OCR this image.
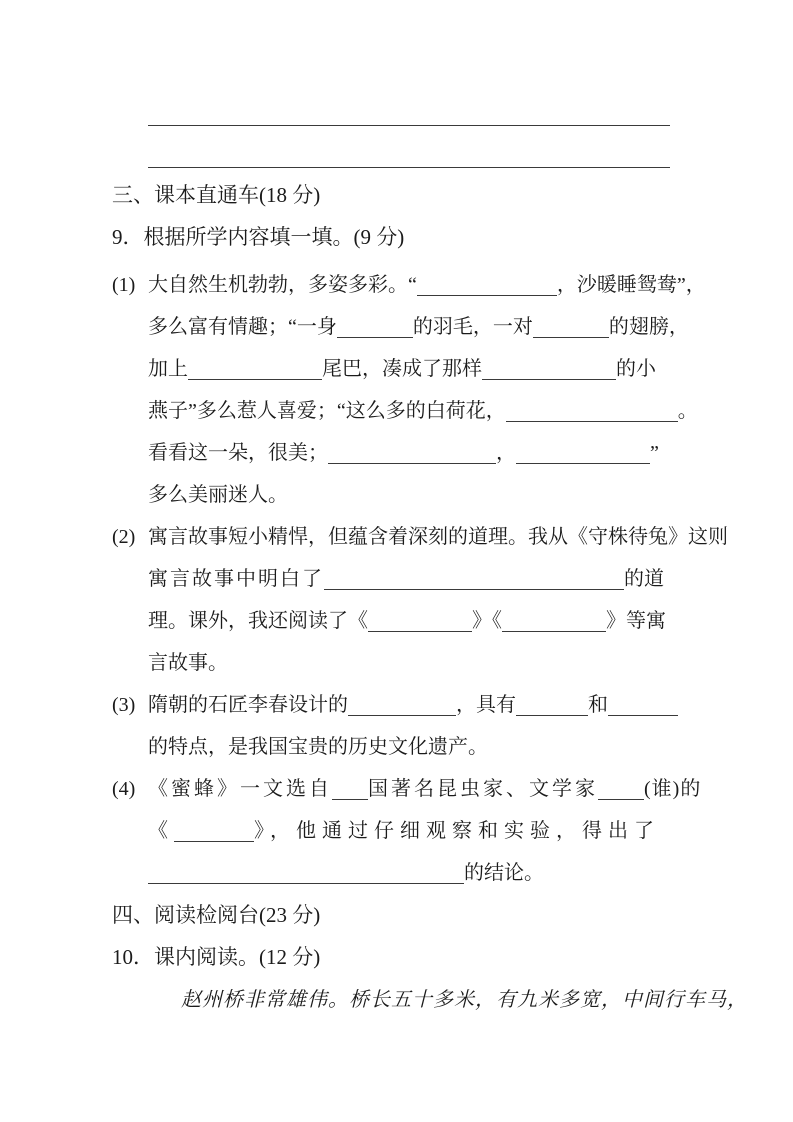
三、课本直通车(18 分)
9．根据所学内容填一填。(9 分)
(1) 大自然生机勃勃，多姿多彩。“	，沙暖睡鸳鸯”，
多么富有情趣；“一身	的羽毛，一对	的翅膀，
加上	尾巴，凑成了那样	的小
燕子”多么惹人喜爱；“这么多的白荷花，	。
看看这一朵，很美；	，	”
多么美丽迷人。
(2) 寓言故事短小精悍，但蕴含着深刻的道理。我从《守株待兔》这则
寓言故事中明白了	的道
理。课外，我还阅读了《	》《	》等寓
言故事。
(3) 隋朝的石匠李春设计的	，具有	和
的特点，是我国宝贵的历史文化遗产。
(4) 《蜜蜂》一文选自 国著名昆虫家、文学家 (谁)的
《	》，他通过仔细观察和实验，得出了
的结论。
四、阅读检阅台(23 分)
10．课内阅读。(12 分)
赵州桥非常雄伟。桥长五十多米，有九米多宽，中间行车马，
